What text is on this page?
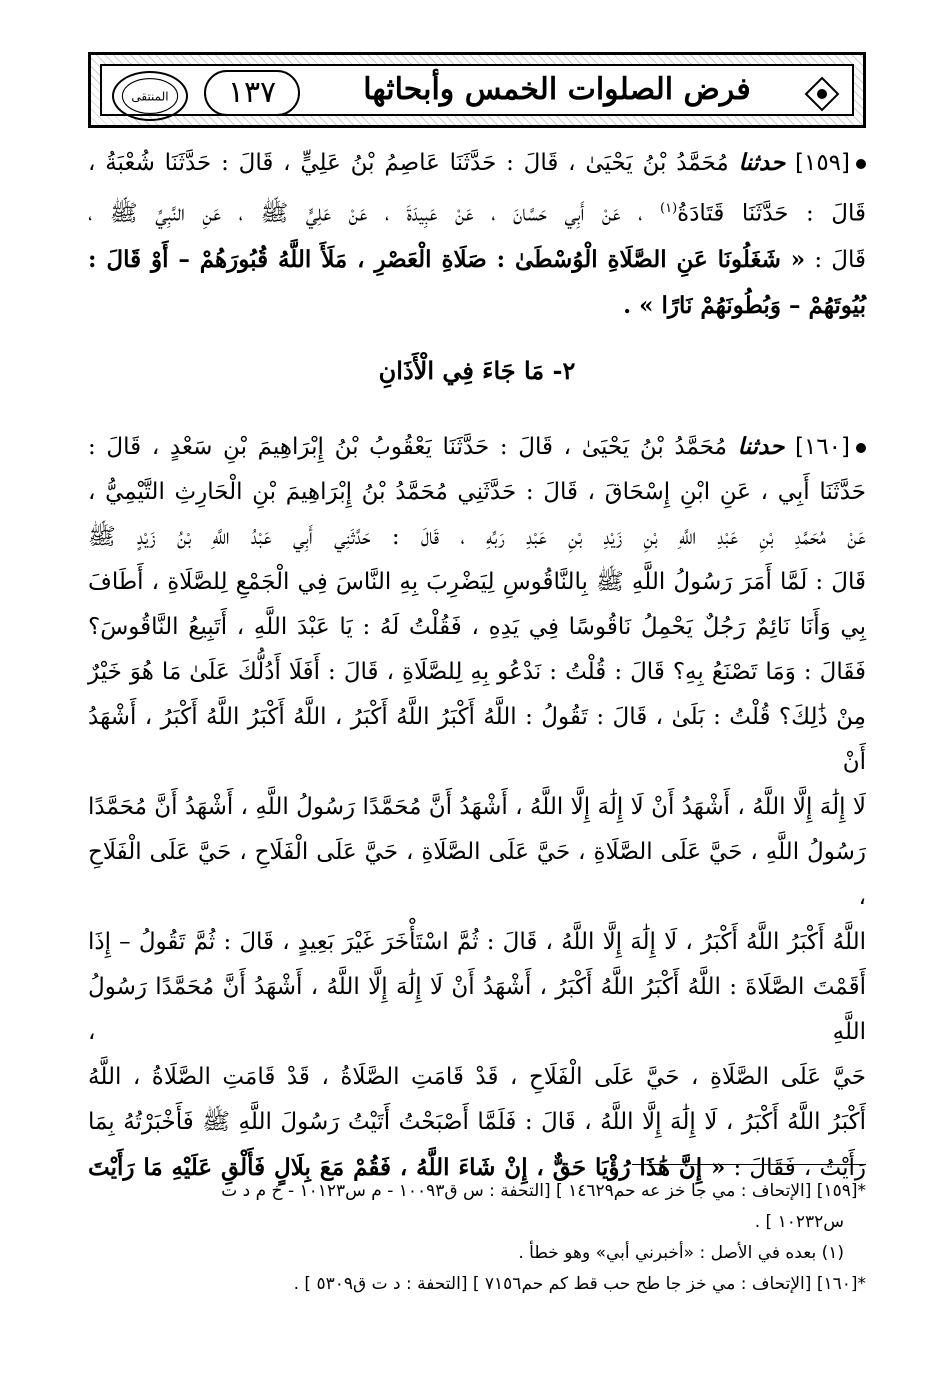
المنتقى	١٣٧	فرض الصلوات الخمس وأبحاثها

[١٥٩] حدثنا مُحَمَّدُ بْنُ يَحْيَىٰ ، قَالَ : حَدَّثَنَا عَاصِمُ بْنُ عَلِيٍّ ، قَالَ : حَدَّثَنَا شُعْبَةُ ،

قَالَ : حَدَّثَنَا قَتَادَةُ$^{(١)}$ ، عَنْ أَبِي حَسَّانَ ، عَنْ عَبِيدَةَ ، عَنْ عَلِيٍّ ﷺ ، عَنِ النَّبِيِّ ﷺ ،

قَالَ : « شَغَلُونَا عَنِ الصَّلَاةِ الْوُسْطَىٰ : صَلَاةِ الْعَصْرِ ، مَلَأَ اللَّهُ قُبُورَهُمْ – أَوْ قَالَ :

بُيُوتَهُمْ – وَبُطُونَهُمْ نَارًا » .

٢- مَا جَاءَ فِي الْأَذَانِ

[١٦٠] حدثنا مُحَمَّدُ بْنُ يَحْيَىٰ ، قَالَ : حَدَّثَنَا يَعْقُوبُ بْنُ إِبْرَاهِيمَ بْنِ سَعْدٍ ، قَالَ :

حَدَّثَنَا أَبِي ، عَنِ ابْنِ إِسْحَاقَ ، قَالَ : حَدَّثَنِي مُحَمَّدُ بْنُ إِبْرَاهِيمَ بْنِ الْحَارِثِ التَّيْمِيُّ ،

عَنْ مُحَمَّدِ بْنِ عَبْدِ اللَّهِ بْنِ زَيْدِ بْنِ عَبْدِ رَبِّهِ ، قَالَ : حَدَّثَنِي أَبِي عَبْدُ اللَّهِ بْنُ زَيْدٍ ﷺ

قَالَ : لَمَّا أَمَرَ رَسُولُ اللَّهِ ﷺ بِالنَّاقُوسِ لِيَضْرِبَ بِهِ النَّاسَ فِي الْجَمْعِ لِلصَّلَاةِ ، أَطَافَ

بِي وَأَنَا نَائِمٌ رَجُلٌ يَحْمِلُ نَاقُوسًا فِي يَدِهِ ، فَقُلْتُ لَهُ : يَا عَبْدَ اللَّهِ ، أَتَبِيعُ النَّاقُوسَ؟

فَقَالَ : وَمَا تَصْنَعُ بِهِ؟ قَالَ : قُلْتُ : نَدْعُو بِهِ لِلصَّلَاةِ ، قَالَ : أَفَلَا أَدُلُّكَ عَلَىٰ مَا هُوَ خَيْرٌ

مِنْ ذَٰلِكَ؟ قُلْتُ : بَلَىٰ ، قَالَ : تَقُولُ : اللَّهُ أَكْبَرُ اللَّهُ أَكْبَرُ ، اللَّهُ أَكْبَرُ اللَّهُ أَكْبَرُ ، أَشْهَدُ أَنْ

لَا إِلَٰهَ إِلَّا اللَّهُ ، أَشْهَدُ أَنْ لَا إِلَٰهَ إِلَّا اللَّهُ ، أَشْهَدُ أَنَّ مُحَمَّدًا رَسُولُ اللَّهِ ، أَشْهَدُ أَنَّ مُحَمَّدًا

رَسُولُ اللَّهِ ، حَيَّ عَلَى الصَّلَاةِ ، حَيَّ عَلَى الصَّلَاةِ ، حَيَّ عَلَى الْفَلَاحِ ، حَيَّ عَلَى الْفَلَاحِ ،

اللَّهُ أَكْبَرُ اللَّهُ أَكْبَرُ ، لَا إِلَٰهَ إِلَّا اللَّهُ ، قَالَ : ثُمَّ اسْتَأْخَرَ غَيْرَ بَعِيدٍ ، قَالَ : ثُمَّ تَقُولُ – إِذَا

أَقَمْتَ الصَّلَاةَ : اللَّهُ أَكْبَرُ اللَّهُ أَكْبَرُ ، أَشْهَدُ أَنْ لَا إِلَٰهَ إِلَّا اللَّهُ ، أَشْهَدُ أَنَّ مُحَمَّدًا رَسُولُ اللَّهِ ،

حَيَّ عَلَى الصَّلَاةِ ، حَيَّ عَلَى الْفَلَاحِ ، قَدْ قَامَتِ الصَّلَاةُ ، قَدْ قَامَتِ الصَّلَاةُ ، اللَّهُ

أَكْبَرُ اللَّهُ أَكْبَرُ ، لَا إِلَٰهَ إِلَّا اللَّهُ ، قَالَ : فَلَمَّا أَصْبَحْتُ أَتَيْتُ رَسُولَ اللَّهِ ﷺ فَأَخْبَرْتُهُ بِمَا

رَأَيْتُ ، فَقَالَ : « إِنَّ هَٰذَا رُؤْيَا حَقٌّ ، إِنْ شَاءَ اللَّهُ ، فَقُمْ مَعَ بِلَالٍ فَأَلْقِ عَلَيْهِ مَا رَأَيْتَ

*[١٥٩] [الإتحاف : مي جا خز عه حم١٤٦٢٩ ] [التحفة : س ق١٠٠٩٣ - م س١٠١٢٣ - خ م د ت

س١٠٢٣٢ ] .

(١) بعده في الأصل : «أخبرني أبي» وهو خطأ .

*[١٦٠] [الإتحاف : مي خز جا طح حب قط كم حم٧١٥٦ ] [التحفة : د ت ق٥٣٠٩ ] .
